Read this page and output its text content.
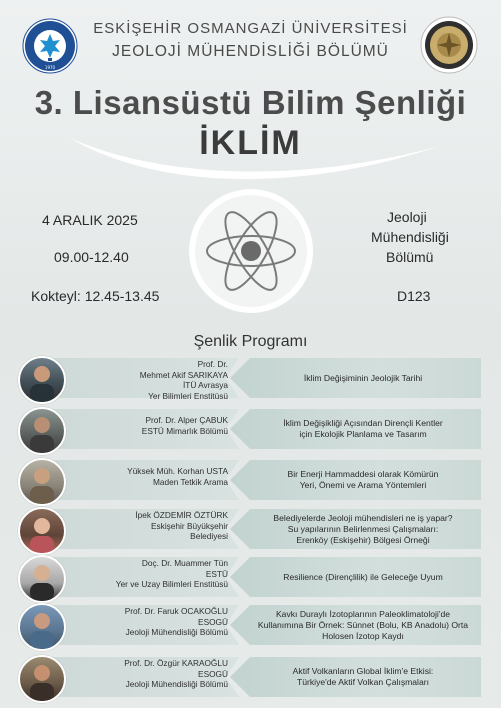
1970
ESKİŞEHİR OSMANGAZİ ÜNİVERSİTESİ
JEOLOJİ MÜHENDİSLİĞİ BÖLÜMÜ
3. Lisansüstü Bilim Şenliği
İKLİM
4 ARALIK 2025
09.00-12.40
Kokteyl: 12.45-13.45
Jeoloji
Mühendisliği
Bölümü
D123
Şenlik Programı
Prof. Dr.
Mehmet Akif SARIKAYA
İTÜ Avrasya
Yer Bilimleri Enstitüsü
İklim Değişiminin Jeolojik Tarihi
Prof. Dr. Alper ÇABUK
ESTÜ Mimarlık Bölümü
İklim Değişikliği Açısından Dirençli Kentler
için Ekolojik Planlama ve Tasarım
Yüksek Müh. Korhan USTA
Maden Tetkik Arama
Bir Enerji Hammaddesi olarak Kömürün
Yeri, Önemi ve Arama Yöntemleri
İpek ÖZDEMİR ÖZTÜRK
Eskişehir Büyükşehir
Belediyesi
Belediyelerde Jeoloji mühendisleri ne iş yapar?
Su yapılarının Belirlenmesi Çalışmaları:
Erenköy (Eskişehir) Bölgesi Örneği
Doç. Dr. Muammer Tün
ESTÜ
Yer ve Uzay Bilimleri Enstitüsü
Resilience (Dirençlilik) ile Geleceğe Uyum
Prof. Dr. Faruk OCAKOĞLU
ESOGÜ
Jeoloji Mühendisliği Bölümü
Kavkı Duraylı İzotoplarının Paleoklimatoloji'de
Kullanımına Bir Örnek: Sünnet (Bolu, KB Anadolu) Orta
Holosen İzotop Kaydı
Prof. Dr. Özgür KARAOĞLU
ESOGÜ
Jeoloji Mühendisliği Bölümü
Aktif Volkanların Global İklim'e Etkisi:
Türkiye'de Aktif Volkan Çalışmaları
